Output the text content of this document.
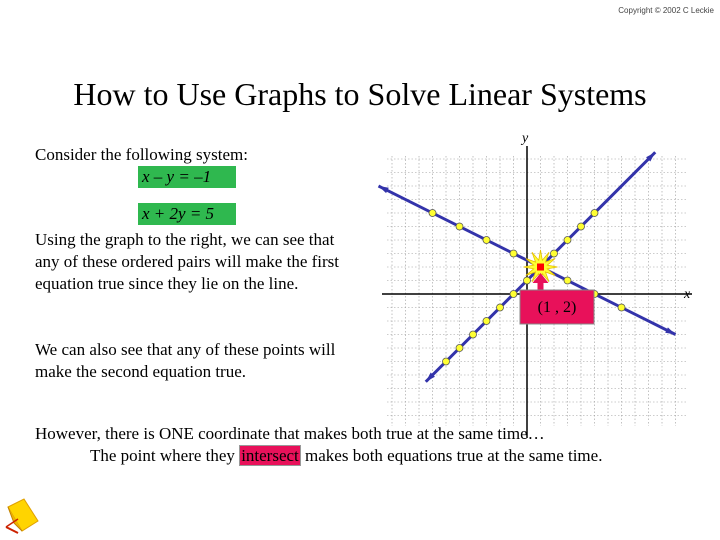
Copyright © 2002 C Leckie
How to Use Graphs to Solve Linear Systems
Consider the following system:
x – y = –1
x + 2y = 5
Using the graph to the right, we can see that any of these ordered pairs will make the first equation true since they lie on the line.
We can also see that any of these points will make the second equation true.
However, there is ONE coordinate that makes both true at the same time…
The point where they intersect makes both equations true at the same time.
x
y
(1 , 2)
